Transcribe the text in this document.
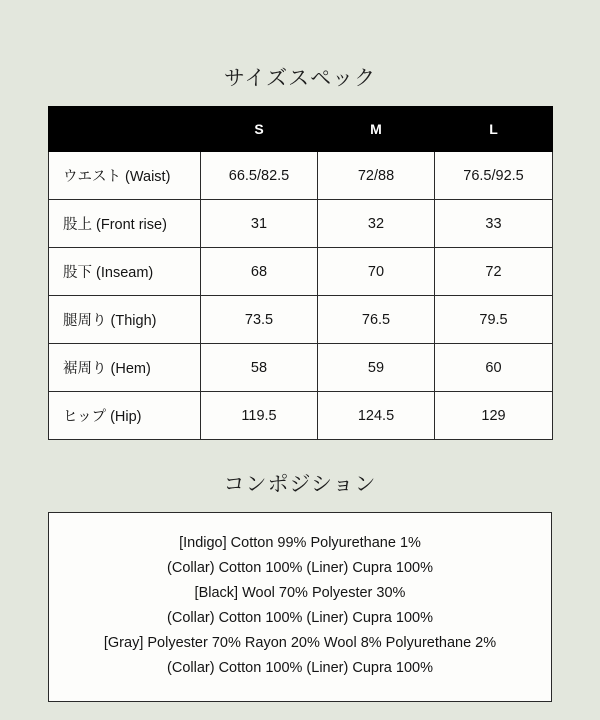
サイズスペック
	S	M	L
ウエスト (Waist)	66.5/82.5	72/88	76.5/92.5
股上 (Front rise)	31	32	33
股下 (Inseam)	68	70	72
腿周り (Thigh)	73.5	76.5	79.5
裾周り (Hem)	58	59	60
ヒップ (Hip)	119.5	124.5	129
コンポジション
[Indigo] Cotton 99% Polyurethane 1%
(Collar) Cotton 100% (Liner) Cupra 100%
[Black] Wool 70% Polyester 30%
(Collar) Cotton 100% (Liner) Cupra 100%
[Gray] Polyester 70% Rayon 20% Wool 8% Polyurethane 2%
(Collar) Cotton 100% (Liner) Cupra 100%
